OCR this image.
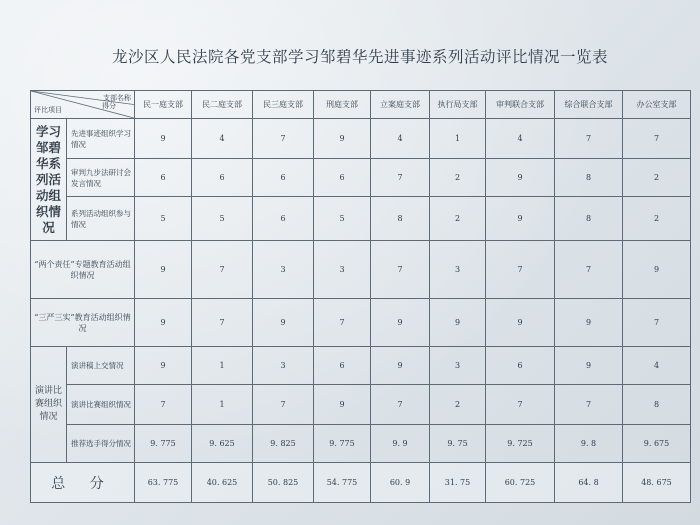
龙沙区人民法院各党支部学习邹碧华先进事迹系列活动评比情况一览表
支部名称
得分
评比项目		民一庭支部	民二庭支部	民三庭支部	刑庭支部	立案庭支部	执行局支部	审判联合支部	综合联合支部	办公室支部
学习邹碧华系列活动组织情况	先进事迹组织学习情况	9	4	7	9	4	1	4	7	7
	审判九步法研讨会发言情况	6	6	6	6	7	2	9	8	2
	系列活动组织参与情况	5	5	6	5	8	2	9	8	2
“两个责任”专题教育活动组织情况		9	7	3	3	7	3	7	7	9
“三严三实”教育活动组织情况		9	7	9	7	9	9	9	9	7
演讲比赛组织情况	演讲稿上交情况	9	1	3	6	9	3	6	9	4
	演讲比赛组织情况	7	1	7	9	7	2	7	7	8
	推荐选手得分情况	9. 775	9. 625	9. 825	9. 775	9. 9	9. 75	9. 725	9. 8	9. 675
总 分		63. 775	40. 625	50. 825	54. 775	60. 9	31. 75	60. 725	64. 8	48. 675
